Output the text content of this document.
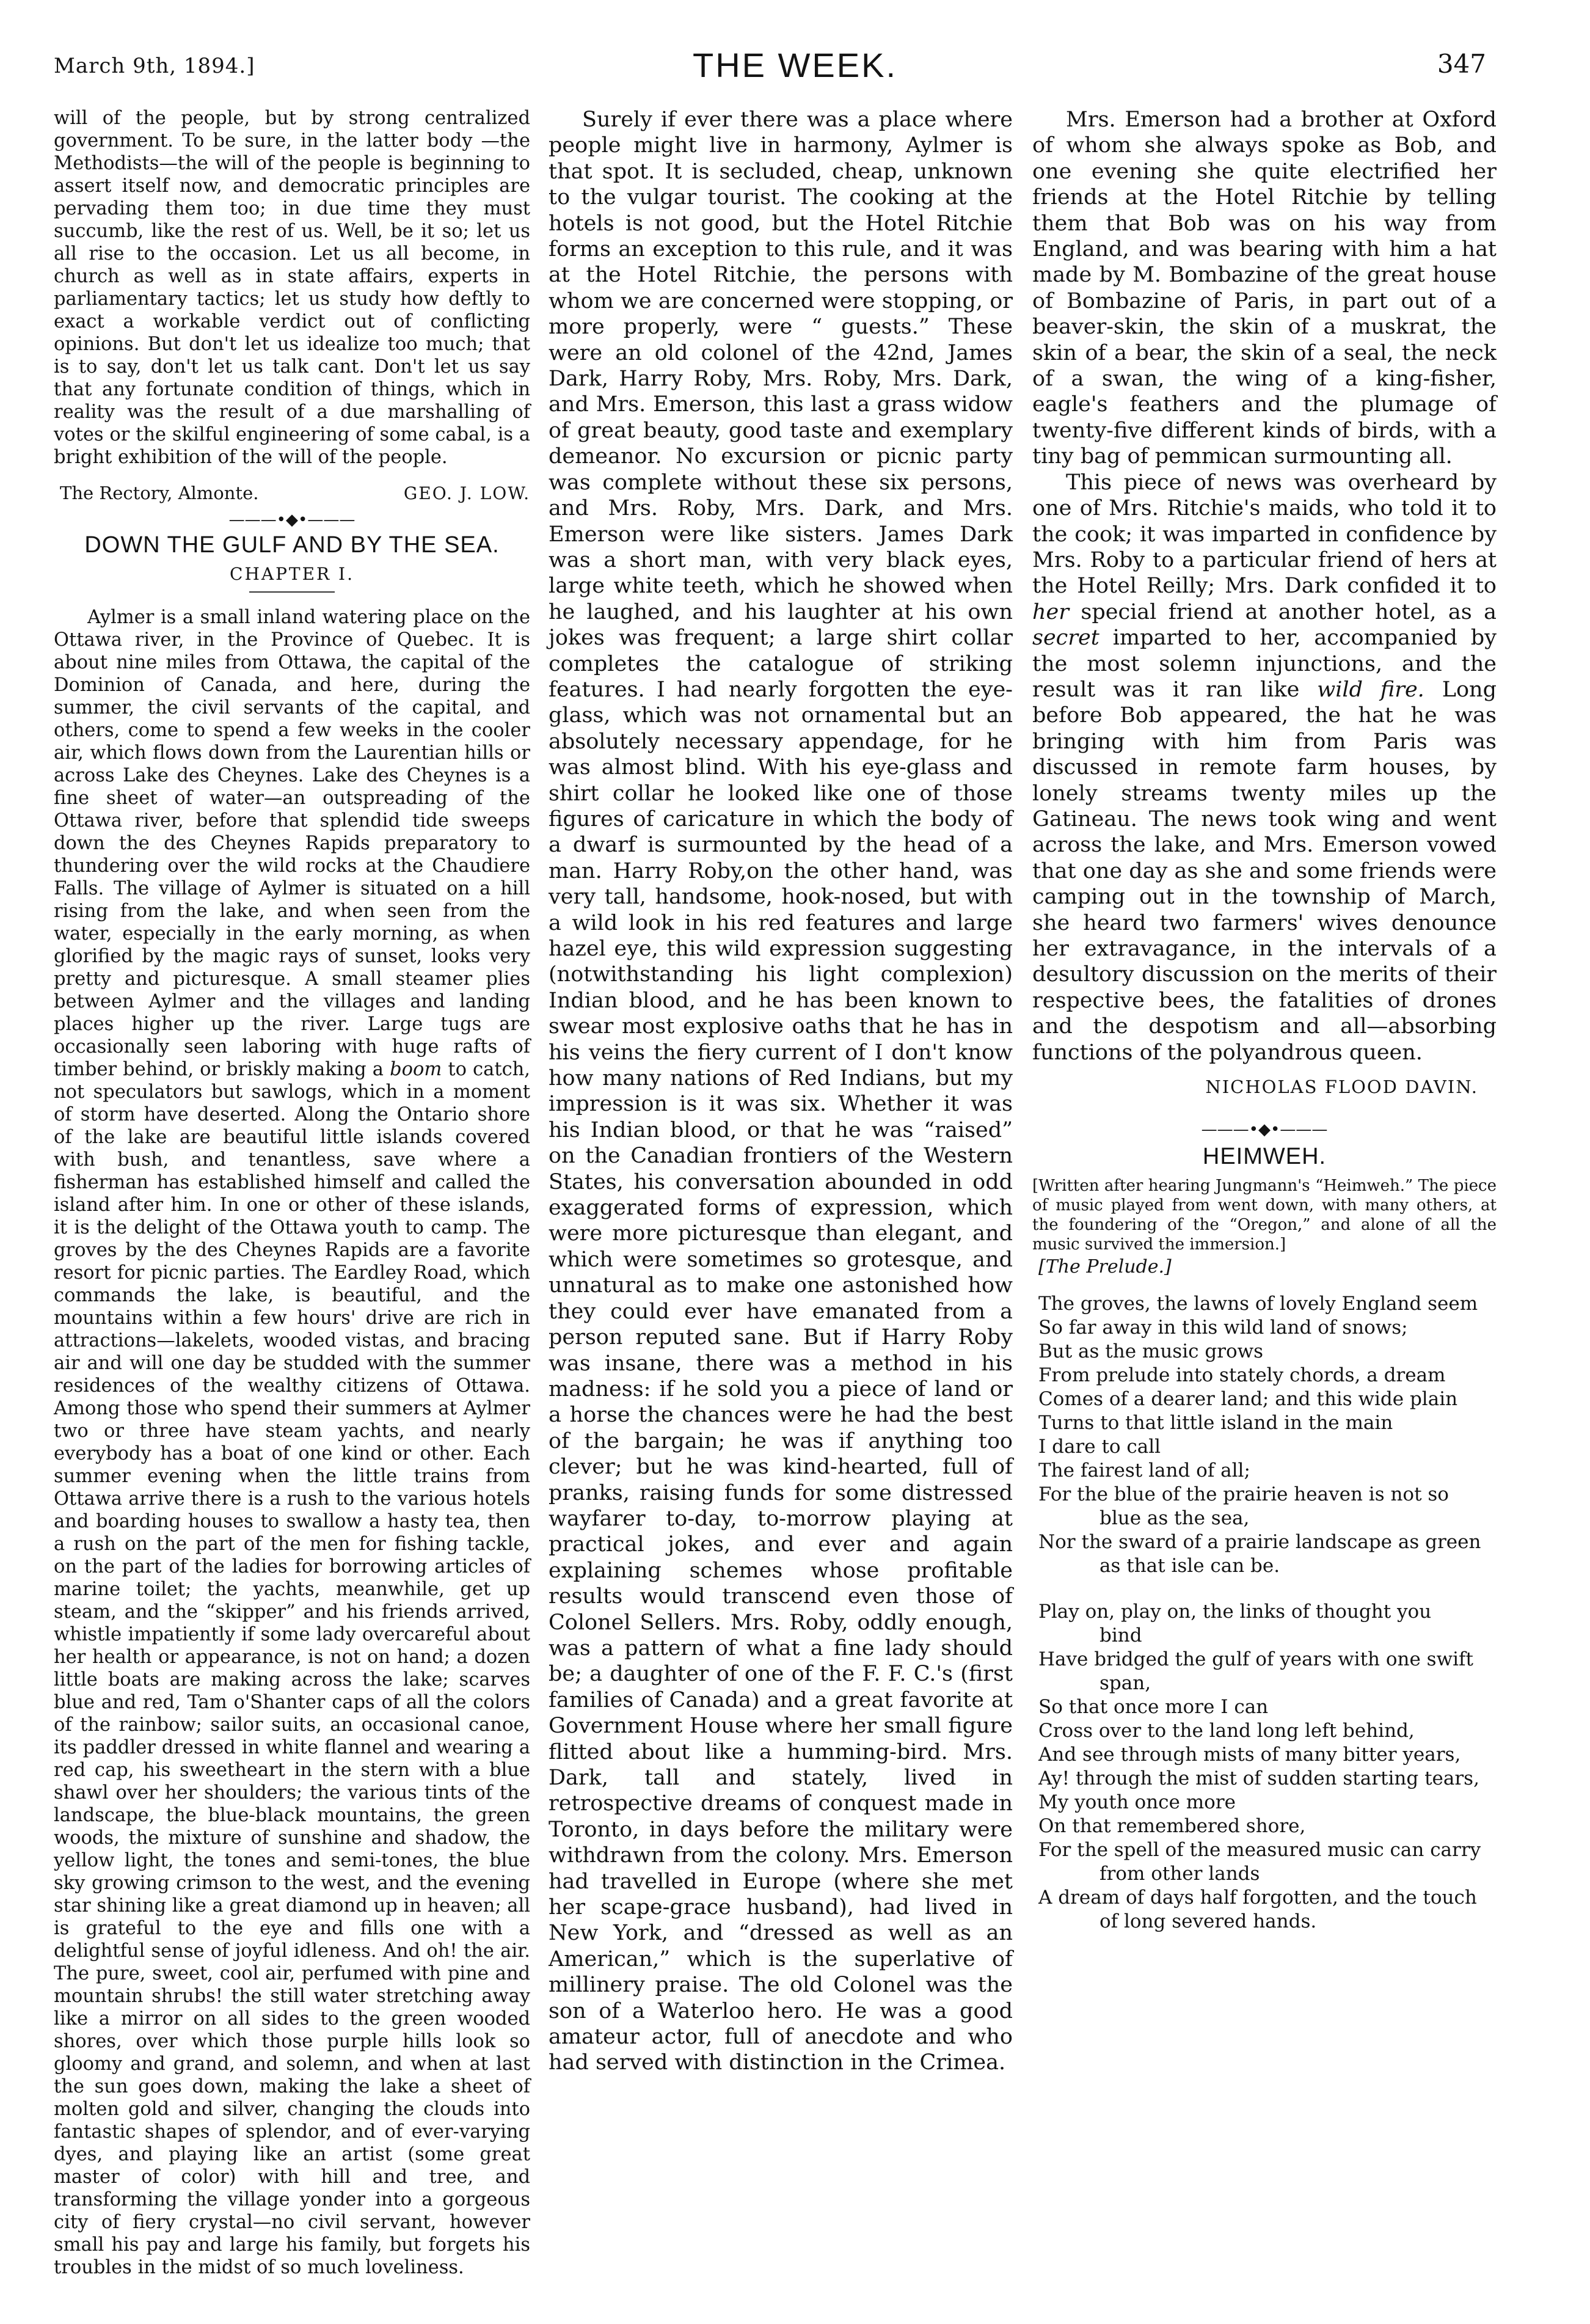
March 9th, 1894.]	THE WEEK.	347

will of the people, but by strong centralized government. To be sure, in the latter body —the Methodists—the will of the people is beginning to assert itself now, and democratic principles are pervading them too; in due time they must succumb, like the rest of us. Well, be it so; let us all rise to the occasion. Let us all become, in church as well as in state affairs, experts in parliamentary tactics; let us study how deftly to exact a workable verdict out of conflicting opinions. But don't let us idealize too much; that is to say, don't let us talk cant. Don't let us say that any fortunate condition of things, which in reality was the result of a due marshalling of votes or the skilful engineering of some cabal, is a bright exhibition of the will of the people.

The Rectory, Almonte.	GEO. J. LOW.
———•◆•———
DOWN THE GULF AND BY THE SEA.
CHAPTER I.

Aylmer is a small inland watering place on the Ottawa river, in the Province of Quebec. It is about nine miles from Ottawa, the capital of the Dominion of Canada, and here, during the summer, the civil servants of the capital, and others, come to spend a few weeks in the cooler air, which flows down from the Laurentian hills or across Lake des Cheynes. Lake des Cheynes is a fine sheet of water—an outspreading of the Ottawa river, before that splendid tide sweeps down the des Cheynes Rapids preparatory to thundering over the wild rocks at the Chaudiere Falls. The village of Aylmer is situated on a hill rising from the lake, and when seen from the water, especially in the early morning, as when glorified by the magic rays of sunset, looks very pretty and picturesque. A small steamer plies between Aylmer and the villages and landing places higher up the river. Large tugs are occasionally seen laboring with huge rafts of timber behind, or briskly making a boom to catch, not speculators but sawlogs, which in a moment of storm have deserted. Along the Ontario shore of the lake are beautiful little islands covered with bush, and tenantless, save where a fisherman has established himself and called the island after him. In one or other of these islands, it is the delight of the Ottawa youth to camp. The groves by the des Cheynes Rapids are a favorite resort for picnic parties. The Eardley Road, which commands the lake, is beautiful, and the mountains within a few hours' drive are rich in attractions—lakelets, wooded vistas, and bracing air and will one day be studded with the summer residences of the wealthy citizens of Ottawa. Among those who spend their summers at Aylmer two or three have steam yachts, and nearly everybody has a boat of one kind or other. Each summer evening when the little trains from Ottawa arrive there is a rush to the various hotels and boarding houses to swallow a hasty tea, then a rush on the part of the men for fishing tackle, on the part of the ladies for borrowing articles of marine toilet; the yachts, meanwhile, get up steam, and the “skipper” and his friends arrived, whistle impatiently if some lady overcareful about her health or appearance, is not on hand; a dozen little boats are making across the lake; scarves blue and red, Tam o'Shanter caps of all the colors of the rainbow; sailor suits, an occasional canoe, its paddler dressed in white flannel and wearing a red cap, his sweetheart in the stern with a blue shawl over her shoulders; the various tints of the landscape, the blue-black mountains, the green woods, the mixture of sunshine and shadow, the yellow light, the tones and semi-tones, the blue sky growing crimson to the west, and the evening star shining like a great diamond up in heaven; all is grateful to the eye and fills one with a delightful sense of joyful idleness. And oh! the air. The pure, sweet, cool air, perfumed with pine and mountain shrubs! the still water stretching away like a mirror on all sides to the green wooded shores, over which those purple hills look so gloomy and grand, and solemn, and when at last the sun goes down, making the lake a sheet of molten gold and silver, changing the clouds into fantastic shapes of splendor, and of ever-varying dyes, and playing like an artist (some great master of color) with hill and tree, and transforming the village yonder into a gorgeous city of fiery crystal—no civil servant, however small his pay and large his family, but forgets his troubles in the midst of so much loveliness.

Surely if ever there was a place where people might live in harmony, Aylmer is that spot. It is secluded, cheap, unknown to the vulgar tourist. The cooking at the hotels is not good, but the Hotel Ritchie forms an exception to this rule, and it was at the Hotel Ritchie, the persons with whom we are concerned were stopping, or more properly, were “ guests.” These were an old colonel of the 42nd, James Dark, Harry Roby, Mrs. Roby, Mrs. Dark, and Mrs. Emerson, this last a grass widow of great beauty, good taste and exemplary demeanor. No excursion or picnic party was complete without these six persons, and Mrs. Roby, Mrs. Dark, and Mrs. Emerson were like sisters. James Dark was a short man, with very black eyes, large white teeth, which he showed when he laughed, and his laughter at his own jokes was frequent; a large shirt collar completes the catalogue of striking features. I had nearly forgotten the eye-glass, which was not ornamental but an absolutely necessary appendage, for he was almost blind. With his eye-glass and shirt collar he looked like one of those figures of caricature in which the body of a dwarf is surmounted by the head of a man. Harry Roby,on the other hand, was very tall, handsome, hook-nosed, but with a wild look in his red features and large hazel eye, this wild expression suggesting (notwithstanding his light complexion) Indian blood, and he has been known to swear most explosive oaths that he has in his veins the fiery current of I don't know how many nations of Red Indians, but my impression is it was six. Whether it was his Indian blood, or that he was “raised” on the Canadian frontiers of the Western States, his conversation abounded in odd exaggerated forms of expression, which were more picturesque than elegant, and which were sometimes so grotesque, and unnatural as to make one astonished how they could ever have emanated from a person reputed sane. But if Harry Roby was insane, there was a method in his madness: if he sold you a piece of land or a horse the chances were he had the best of the bargain; he was if anything too clever; but he was kind-hearted, full of pranks, raising funds for some distressed wayfarer to-day, to-morrow playing at practical jokes, and ever and again explaining schemes whose profitable results would transcend even those of Colonel Sellers. Mrs. Roby, oddly enough, was a pattern of what a fine lady should be; a daughter of one of the F. F. C.'s (first families of Canada) and a great favorite at Government House where her small figure flitted about like a humming-bird. Mrs. Dark, tall and stately, lived in retrospective dreams of conquest made in Toronto, in days before the military were withdrawn from the colony. Mrs. Emerson had travelled in Europe (where she met her scape-grace husband), had lived in New York, and “dressed as well as an American,” which is the superlative of millinery praise. The old Colonel was the son of a Waterloo hero. He was a good amateur actor, full of anecdote and who had served with distinction in the Crimea.

Mrs. Emerson had a brother at Oxford of whom she always spoke as Bob, and one evening she quite electrified her friends at the Hotel Ritchie by telling them that Bob was on his way from England, and was bearing with him a hat made by M. Bombazine of the great house of Bombazine of Paris, in part out of a beaver-skin, the skin of a muskrat, the skin of a bear, the skin of a seal, the neck of a swan, the wing of a king-fisher, eagle's feathers and the plumage of twenty-five different kinds of birds, with a tiny bag of pemmican surmounting all.

This piece of news was overheard by one of Mrs. Ritchie's maids, who told it to the cook; it was imparted in confidence by Mrs. Roby to a particular friend of hers at the Hotel Reilly; Mrs. Dark confided it to her special friend at another hotel, as a secret imparted to her, accompanied by the most solemn injunctions, and the result was it ran like wild fire. Long before Bob appeared, the hat he was bringing with him from Paris was discussed in remote farm houses, by lonely streams twenty miles up the Gatineau. The news took wing and went across the lake, and Mrs. Emerson vowed that one day as she and some friends were camping out in the township of March, she heard two farmers' wives denounce her extravagance, in the intervals of a desultory discussion on the merits of their respective bees, the fatalities of drones and the despotism and all—absorbing functions of the polyandrous queen.

NICHOLAS FLOOD DAVIN.
———•◆•———
HEIMWEH.

[Written after hearing Jungmann's “Heimweh.” The piece of music played from went down, with many others, at the foundering of the “Oregon,” and alone of all the music survived the immersion.]

[The Prelude.]
The groves, the lawns of lovely England seem
So far away in this wild land of snows;
But as the music grows
From prelude into stately chords, a dream
Comes of a dearer land; and this wide plain
Turns to that little island in the main
I dare to call
The fairest land of all;
For the blue of the prairie heaven is not so
blue as the sea,
Nor the sward of a prairie landscape as green
as that isle can be.
Play on, play on, the links of thought you
bind
Have bridged the gulf of years with one swift
span,
So that once more I can
Cross over to the land long left behind,
And see through mists of many bitter years,
Ay! through the mist of sudden starting tears,
My youth once more
On that remembered shore,
For the spell of the measured music can carry
from other lands
A dream of days half forgotten, and the touch
of long severed hands.
